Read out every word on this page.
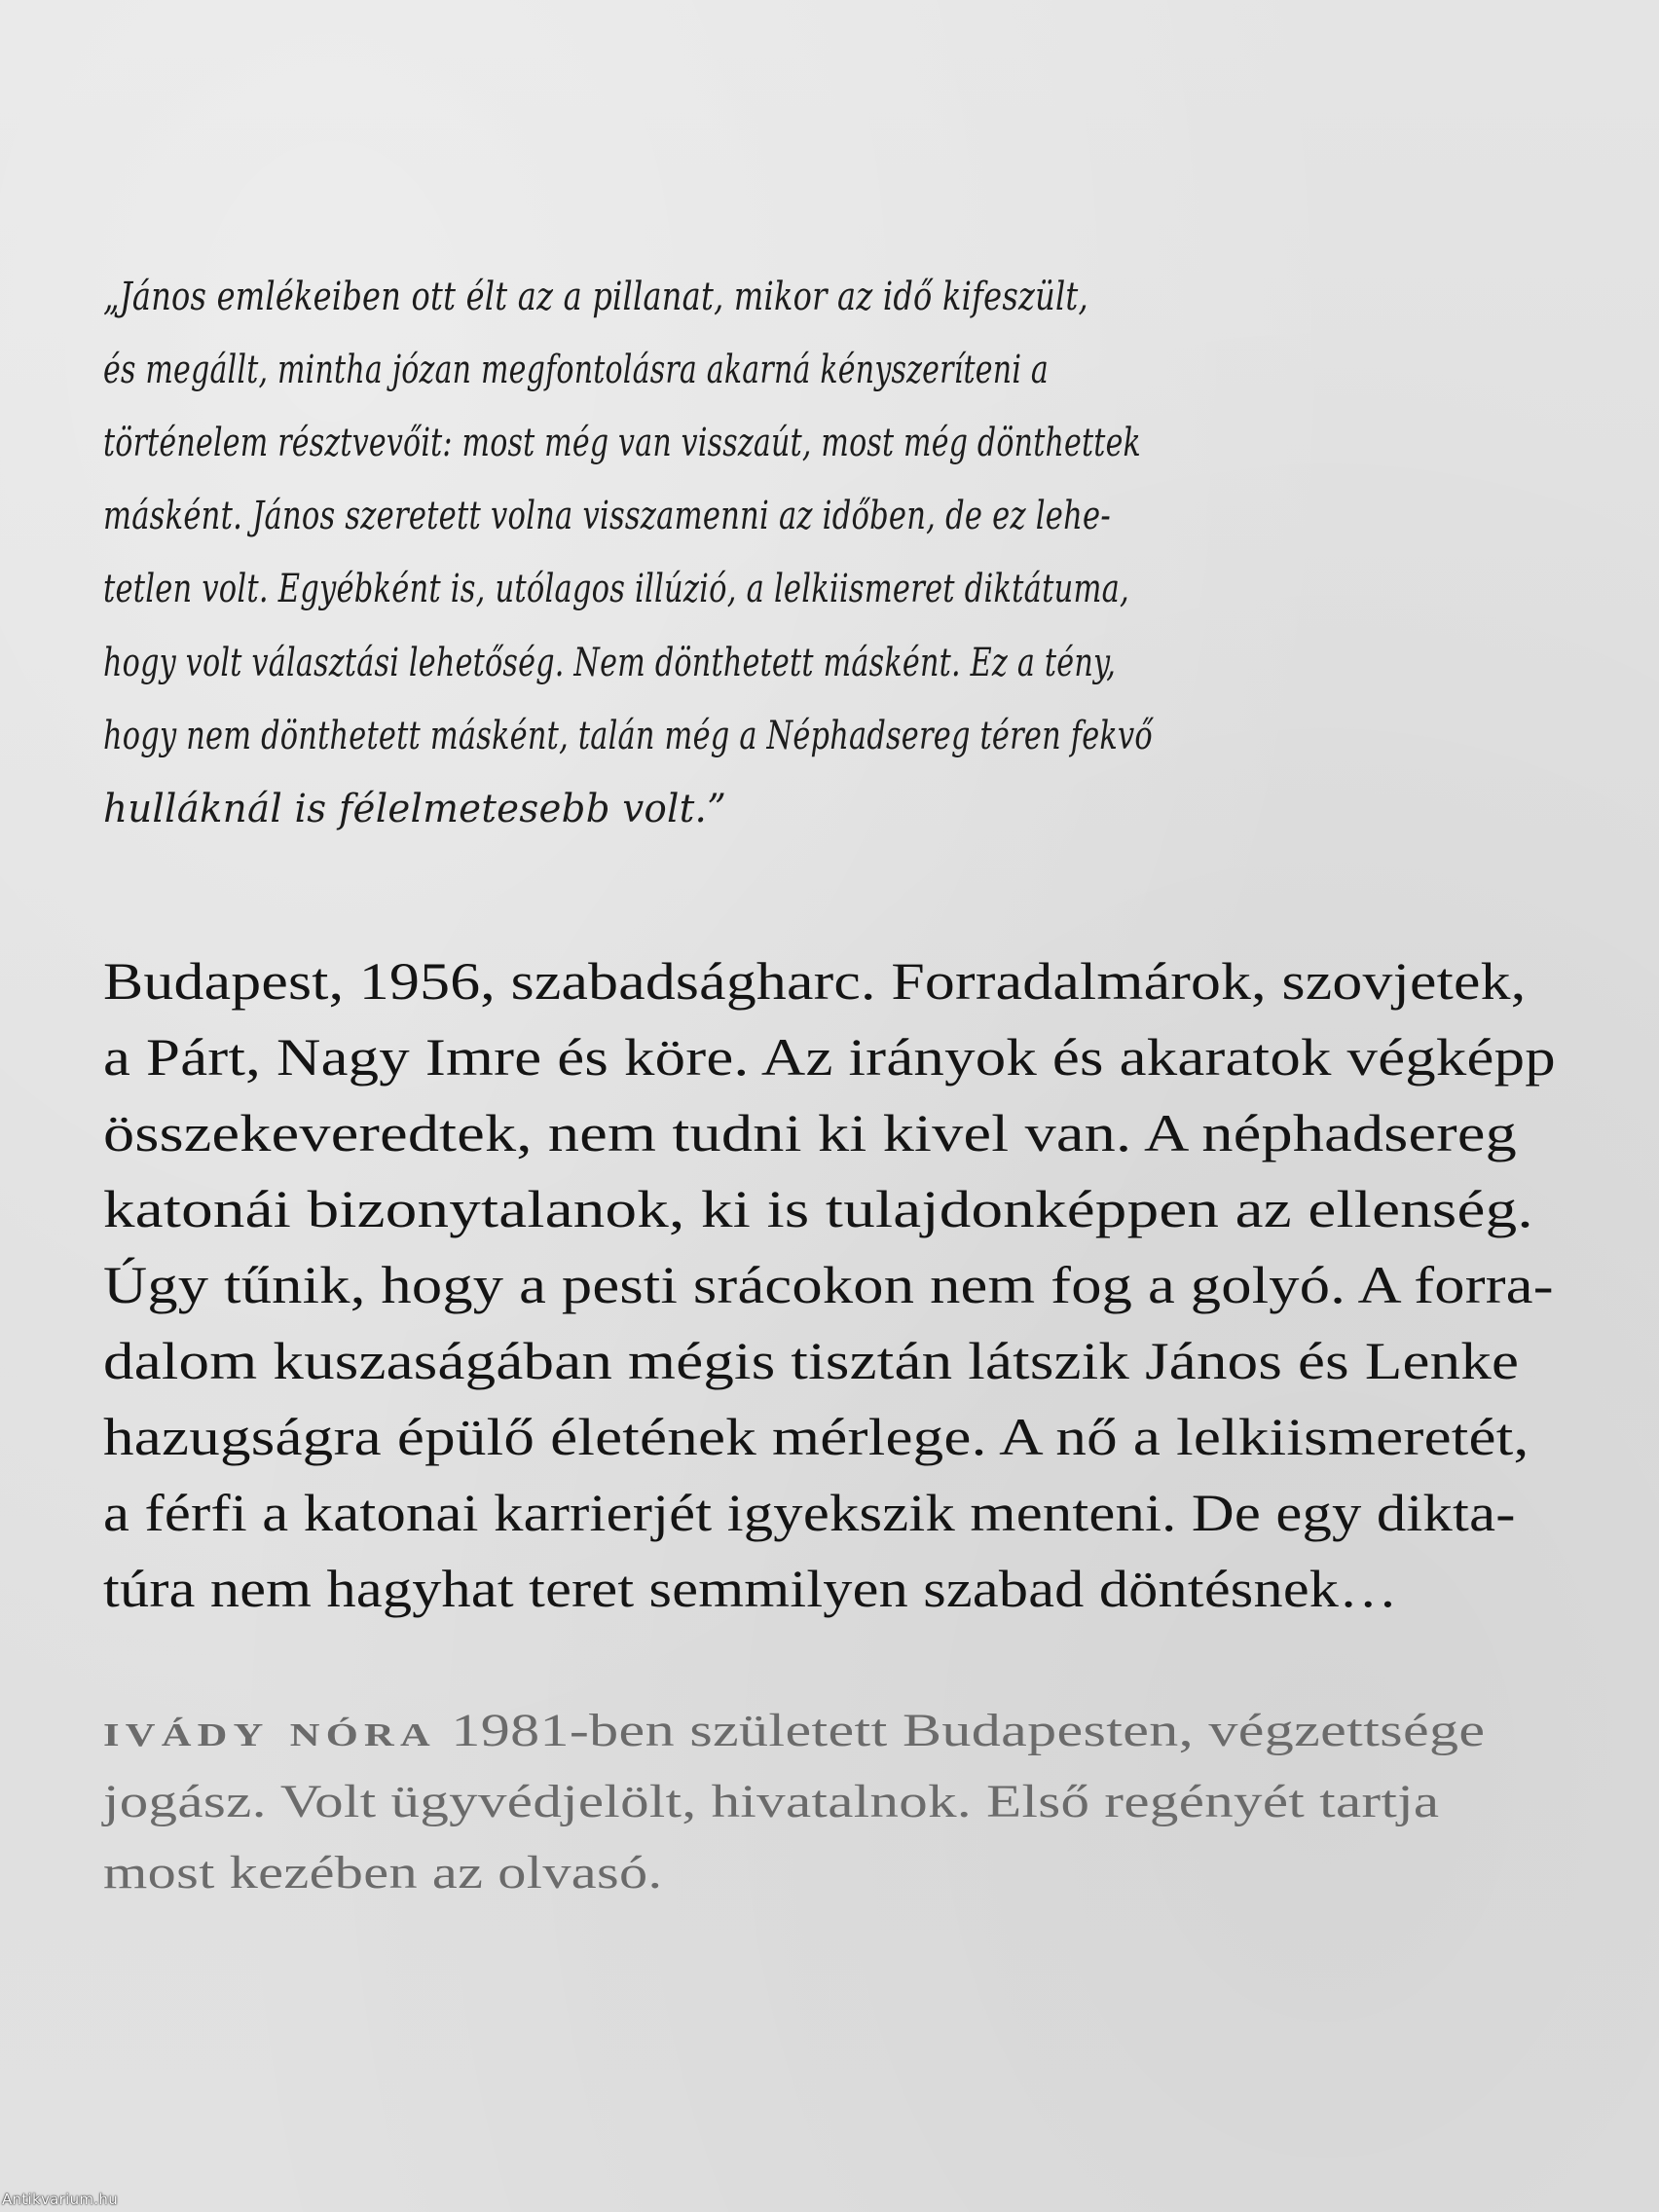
„János emlékeiben ott élt az a pillanat, mikor az idő kifeszült,

és megállt, mintha józan megfontolásra akarná kényszeríteni a

történelem résztvevőit: most még van visszaút, most még dönthettek

másként. János szeretett volna visszamenni az időben, de ez lehe-

tetlen volt. Egyébként is, utólagos illúzió, a lelkiismeret diktátuma,

hogy volt választási lehetőség. Nem dönthetett másként. Ez a tény,

hogy nem dönthetett másként, talán még a Néphadsereg téren fekvő

hulláknál is félelmetesebb volt.”

Budapest, 1956, szabadságharc. Forradalmárok, szovjetek,

a Párt, Nagy Imre és köre. Az irányok és akaratok végképp

összekeveredtek, nem tudni ki kivel van. A néphadsereg

katonái bizonytalanok, ki is tulajdonképpen az ellenség.

Úgy tűnik, hogy a pesti srácokon nem fog a golyó. A forra-

dalom kuszaságában mégis tisztán látszik János és Lenke

hazugságra épülő életének mérlege. A nő a lelkiismeretét,

a férfi a katonai karrierjét igyekszik menteni. De egy dikta-

túra nem hagyhat teret semmilyen szabad döntésnek…

ivády nóra 1981-ben született Budapesten, végzettsége

jogász. Volt ügyvédjelölt, hivatalnok. Első regényét tartja

most kezében az olvasó.

Antikvarium.hu
